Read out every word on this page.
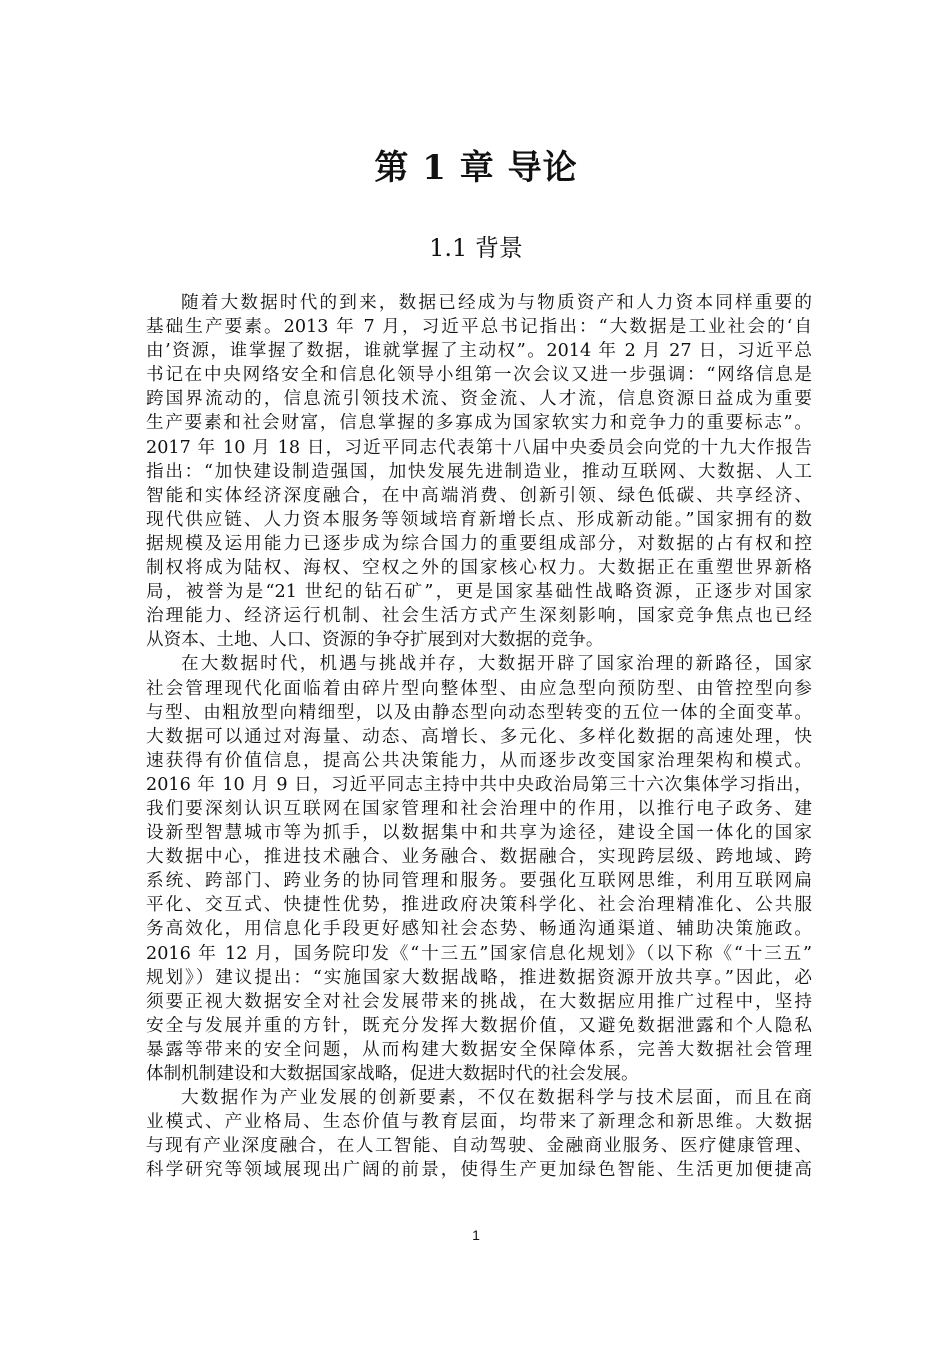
第 1 章 导论
1.1 背景
随着大数据时代的到来，数据已经成为与物质资产和人力资本同样重要的
基础生产要素。2013 年 7 月，习近平总书记指出：“大数据是工业社会的‘自
由’资源，谁掌握了数据，谁就掌握了主动权”。2014 年 2 月 27 日，习近平总
书记在中央网络安全和信息化领导小组第一次会议又进一步强调：“网络信息是
跨国界流动的，信息流引领技术流、资金流、人才流，信息资源日益成为重要
生产要素和社会财富，信息掌握的多寡成为国家软实力和竞争力的重要标志”。
2017 年 10 月 18 日，习近平同志代表第十八届中央委员会向党的十九大作报告
指出：“加快建设制造强国，加快发展先进制造业，推动互联网、大数据、人工
智能和实体经济深度融合，在中高端消费、创新引领、绿色低碳、共享经济、
现代供应链、人力资本服务等领域培育新增长点、形成新动能。”国家拥有的数
据规模及运用能力已逐步成为综合国力的重要组成部分，对数据的占有权和控
制权将成为陆权、海权、空权之外的国家核心权力。大数据正在重塑世界新格
局，被誉为是“21 世纪的钻石矿”，更是国家基础性战略资源，正逐步对国家
治理能力、经济运行机制、社会生活方式产生深刻影响，国家竞争焦点也已经
从资本、土地、人口、资源的争夺扩展到对大数据的竞争。
在大数据时代，机遇与挑战并存，大数据开辟了国家治理的新路径，国家
社会管理现代化面临着由碎片型向整体型、由应急型向预防型、由管控型向参
与型、由粗放型向精细型，以及由静态型向动态型转变的五位一体的全面变革。
大数据可以通过对海量、动态、高增长、多元化、多样化数据的高速处理，快
速获得有价值信息，提高公共决策能力，从而逐步改变国家治理架构和模式。
2016 年 10 月 9 日，习近平同志主持中共中央政治局第三十六次集体学习指出，
我们要深刻认识互联网在国家管理和社会治理中的作用，以推行电子政务、建
设新型智慧城市等为抓手，以数据集中和共享为途径，建设全国一体化的国家
大数据中心，推进技术融合、业务融合、数据融合，实现跨层级、跨地域、跨
系统、跨部门、跨业务的协同管理和服务。要强化互联网思维，利用互联网扁
平化、交互式、快捷性优势，推进政府决策科学化、社会治理精准化、公共服
务高效化，用信息化手段更好感知社会态势、畅通沟通渠道、辅助决策施政。
2016 年 12 月，国务院印发《“十三五”国家信息化规划》（以下称《“十三五”
规划》）建议提出：“实施国家大数据战略，推进数据资源开放共享。”因此，必
须要正视大数据安全对社会发展带来的挑战，在大数据应用推广过程中，坚持
安全与发展并重的方针，既充分发挥大数据价值，又避免数据泄露和个人隐私
暴露等带来的安全问题，从而构建大数据安全保障体系，完善大数据社会管理
体制机制建设和大数据国家战略，促进大数据时代的社会发展。
大数据作为产业发展的创新要素，不仅在数据科学与技术层面，而且在商
业模式、产业格局、生态价值与教育层面，均带来了新理念和新思维。大数据
与现有产业深度融合，在人工智能、自动驾驶、金融商业服务、医疗健康管理、
科学研究等领域展现出广阔的前景，使得生产更加绿色智能、生活更加便捷高
1
